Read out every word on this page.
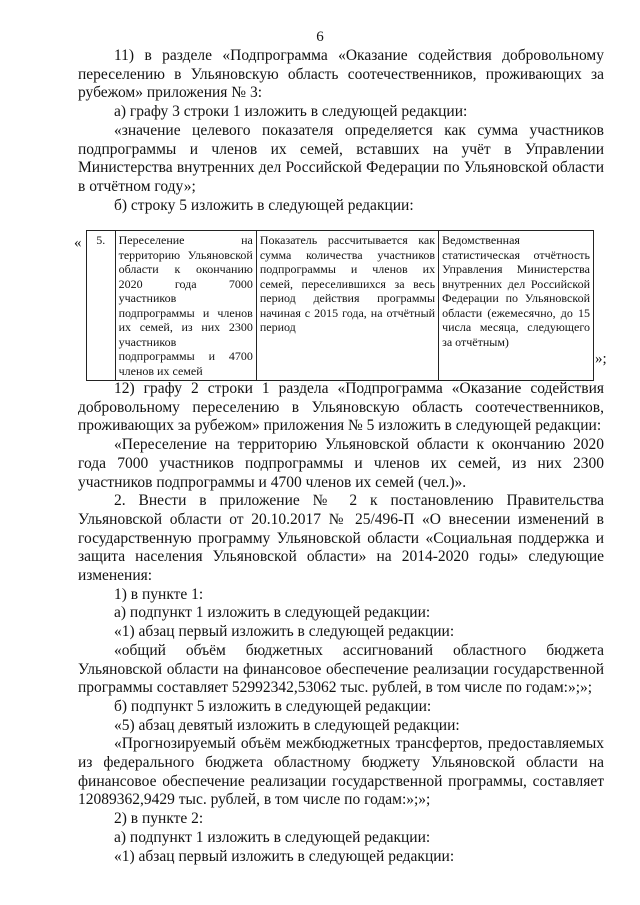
6

11) в разделе «Подпрограмма «Оказание содействия добровольному переселению в Ульяновскую область соотечественников, проживающих за рубежом» приложения № 3:

а) графу 3 строки 1 изложить в следующей редакции:

«значение целевого показателя определяется как сумма участников подпрограммы и членов их семей, вставших на учёт в Управлении Министерства внутренних дел Российской Федерации по Ульяновской области в отчётном году»;

б) строку 5 изложить в следующей редакции:

« 5.	Переселение на территорию Ульяновской области к окончанию 2020 года 7000 участников подпрограммы и членов их семей, из них 2300 участников подпрограммы и 4700 членов их семей	Показатель рассчитывается как сумма количества участников подпрограммы и членов их семей, переселившихся за весь период действия программы начиная с 2015 года, на отчётный период	Ведомственная статистическая отчётность Управления Министерства внутренних дел Российской Федерации по Ульяновской области (ежемесячно, до 15 числа месяца, следующего за отчётным)
»;

12) графу 2 строки 1 раздела «Подпрограмма «Оказание содействия добровольному переселению в Ульяновскую область соотечественников, проживающих за рубежом» приложения № 5 изложить в следующей редакции:

«Переселение на территорию Ульяновской области к окончанию 2020 года 7000 участников подпрограммы и членов их семей, из них 2300 участников подпрограммы и 4700 членов их семей (чел.)».

2. Внести в приложение № 2 к постановлению Правительства Ульяновской области от 20.10.2017 № 25/496-П «О внесении изменений в государственную программу Ульяновской области «Социальная поддержка и защита населения Ульяновской области» на 2014-2020 годы» следующие изменения:

1) в пункте 1:

а) подпункт 1 изложить в следующей редакции:

«1) абзац первый изложить в следующей редакции:

«общий объём бюджетных ассигнований областного бюджета Ульяновской области на финансовое обеспечение реализации государственной программы составляет 52992342,53062 тыс. рублей, в том числе по годам:»;»;

б) подпункт 5 изложить в следующей редакции:

«5) абзац девятый изложить в следующей редакции:

«Прогнозируемый объём межбюджетных трансфертов, предоставляемых из федерального бюджета областному бюджету Ульяновской области на финансовое обеспечение реализации государственной программы, составляет 12089362,9429 тыс. рублей, в том числе по годам:»;»;

2) в пункте 2:

а) подпункт 1 изложить в следующей редакции:

«1) абзац первый изложить в следующей редакции:
